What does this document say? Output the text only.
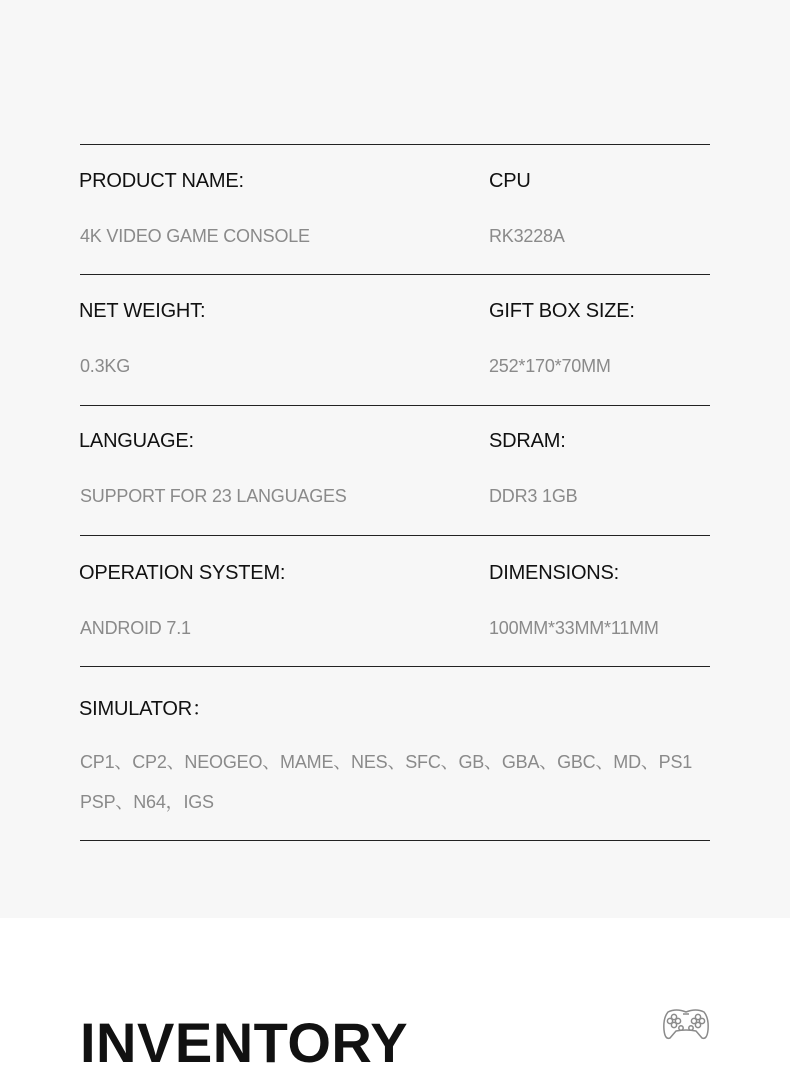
PRODUCT NAME:
4K VIDEO GAME CONSOLE
CPU
RK3228A
NET WEIGHT:
0.3KG
GIFT BOX SIZE:
252*170*70MM
LANGUAGE:
SUPPORT FOR 23 LANGUAGES
SDRAM:
DDR3 1GB
OPERATION SYSTEM:
ANDROID 7.1
DIMENSIONS:
100MM*33MM*11MM
SIMULATOR：
CP1、CP2、NEOGEO、MAME、NES、SFC、GB、GBA、GBC、MD、PS1
PSP、N64，IGS
INVENTORY
